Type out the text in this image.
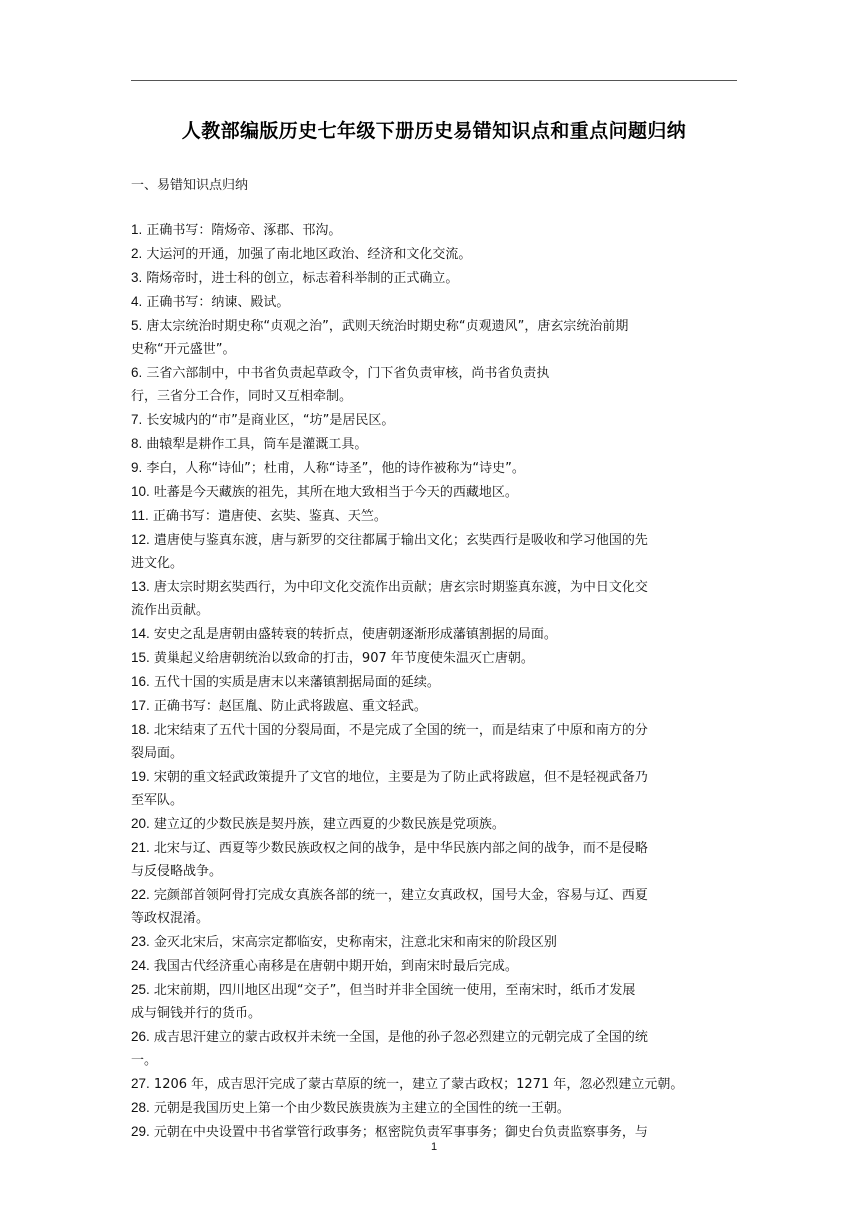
人教部编版历史七年级下册历史易错知识点和重点问题归纳
一、易错知识点归纳
1. 正确书写：隋炀帝、涿郡、邗沟。
2. 大运河的开通，加强了南北地区政治、经济和文化交流。
3. 隋炀帝时，进士科的创立，标志着科举制的正式确立。
4. 正确书写：纳谏、殿试。
5. 唐太宗统治时期史称“贞观之治”，武则天统治时期史称“贞观遗风”，唐玄宗统治前期
史称“开元盛世”。
6. 三省六部制中，中书省负责起草政令，门下省负责审核，尚书省负责执
行，三省分工合作，同时又互相牵制。
7. 长安城内的“市”是商业区，“坊”是居民区。
8. 曲辕犁是耕作工具，筒车是灌溉工具。
9. 李白，人称“诗仙”；杜甫，人称“诗圣”，他的诗作被称为“诗史”。
10. 吐蕃是今天藏族的祖先，其所在地大致相当于今天的西藏地区。
11. 正确书写：遣唐使、玄奘、鉴真、天竺。
12. 遣唐使与鉴真东渡，唐与新罗的交往都属于输出文化；玄奘西行是吸收和学习他国的先
进文化。
13. 唐太宗时期玄奘西行，为中印文化交流作出贡献；唐玄宗时期鉴真东渡，为中日文化交
流作出贡献。
14. 安史之乱是唐朝由盛转衰的转折点，使唐朝逐渐形成藩镇割据的局面。
15. 黄巢起义给唐朝统治以致命的打击，907 年节度使朱温灭亡唐朝。
16. 五代十国的实质是唐末以来藩镇割据局面的延续。
17. 正确书写：赵匡胤、防止武将跋扈、重文轻武。
18. 北宋结束了五代十国的分裂局面，不是完成了全国的统一，而是结束了中原和南方的分
裂局面。
19. 宋朝的重文轻武政策提升了文官的地位，主要是为了防止武将跋扈，但不是轻视武备乃
至军队。
20. 建立辽的少数民族是契丹族，建立西夏的少数民族是党项族。
21. 北宋与辽、西夏等少数民族政权之间的战争，是中华民族内部之间的战争，而不是侵略
与反侵略战争。
22. 完颜部首领阿骨打完成女真族各部的统一，建立女真政权，国号大金，容易与辽、西夏
等政权混淆。
23. 金灭北宋后，宋高宗定都临安，史称南宋，注意北宋和南宋的阶段区别
24. 我国古代经济重心南移是在唐朝中期开始，到南宋时最后完成。
25. 北宋前期，四川地区出现“交子”，但当时并非全国统一使用，至南宋时，纸币才发展
成与铜钱并行的货币。
26. 成吉思汗建立的蒙古政权并未统一全国，是他的孙子忽必烈建立的元朝完成了全国的统
一。
27. 1206 年，成吉思汗完成了蒙古草原的统一，建立了蒙古政权；1271 年，忽必烈建立元朝。
28. 元朝是我国历史上第一个由少数民族贵族为主建立的全国性的统一王朝。
29. 元朝在中央设置中书省掌管行政事务；枢密院负责军事事务；御史台负责监察事务，与
1
